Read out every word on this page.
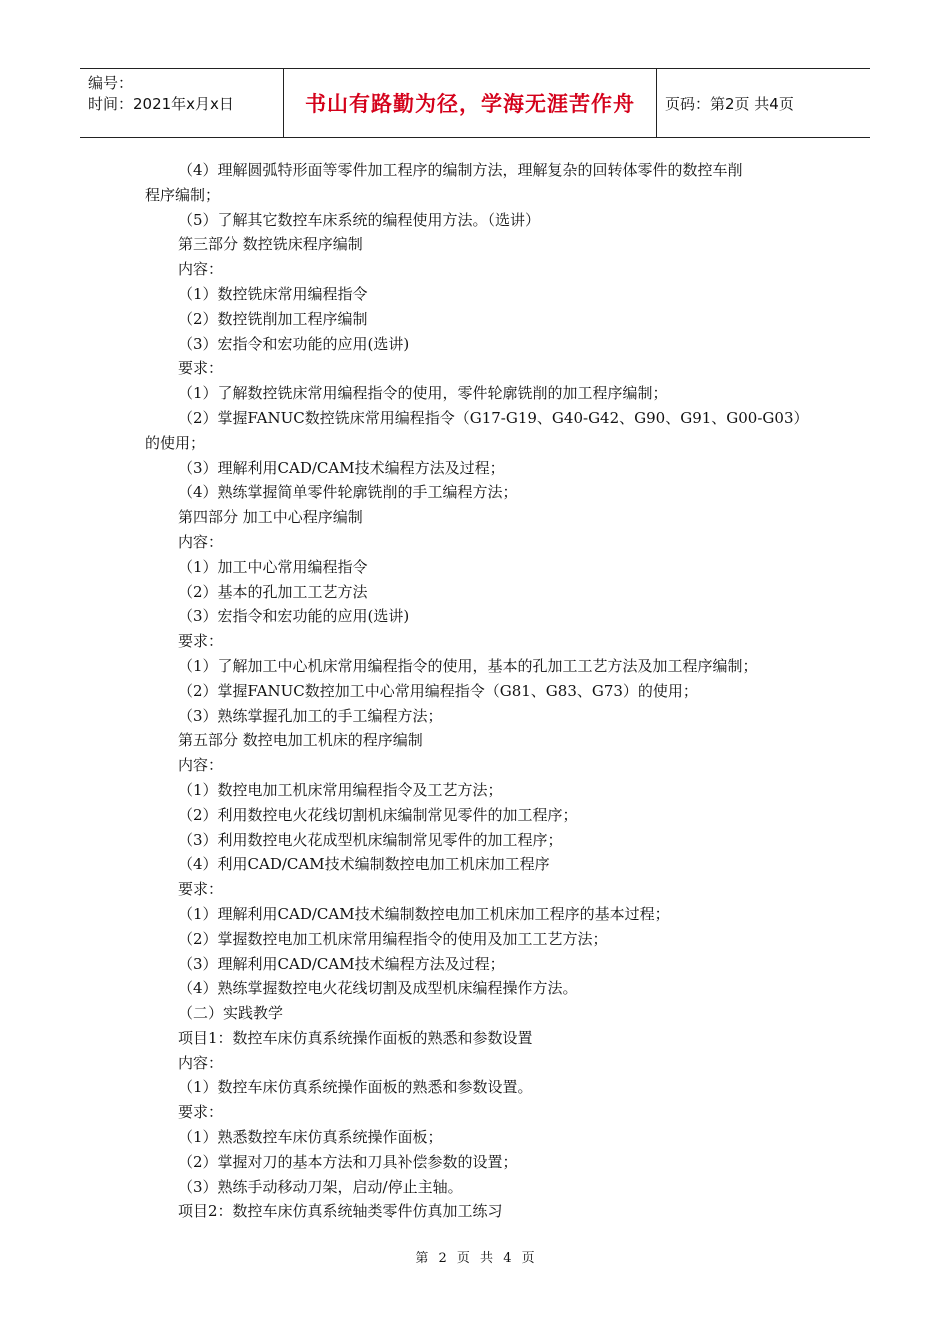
编号：
时间：2021年x月x日	书山有路勤为径，学海无涯苦作舟	页码：第2页 共4页
（4）理解圆弧特形面等零件加工程序的编制方法，理解复杂的回转体零件的数控车削
程序编制；
（5）了解其它数控车床系统的编程使用方法。（选讲）
第三部分 数控铣床程序编制
内容：
（1）数控铣床常用编程指令
（2）数控铣削加工程序编制
（3）宏指令和宏功能的应用(选讲)
要求：
（1）了解数控铣床常用编程指令的使用，零件轮廓铣削的加工程序编制；
（2）掌握FANUC数控铣床常用编程指令（G17-G19、G40-G42、G90、G91、G00-G03）
的使用；
（3）理解利用CAD/CAM技术编程方法及过程；
（4）熟练掌握简单零件轮廓铣削的手工编程方法；
第四部分 加工中心程序编制
内容：
（1）加工中心常用编程指令
（2）基本的孔加工工艺方法
（3）宏指令和宏功能的应用(选讲)
要求：
（1）了解加工中心机床常用编程指令的使用，基本的孔加工工艺方法及加工程序编制；
（2）掌握FANUC数控加工中心常用编程指令（G81、G83、G73）的使用；
（3）熟练掌握孔加工的手工编程方法；
第五部分 数控电加工机床的程序编制
内容：
（1）数控电加工机床常用编程指令及工艺方法；
（2）利用数控电火花线切割机床编制常见零件的加工程序；
（3）利用数控电火花成型机床编制常见零件的加工程序；
（4）利用CAD/CAM技术编制数控电加工机床加工程序
要求：
（1）理解利用CAD/CAM技术编制数控电加工机床加工程序的基本过程；
（2）掌握数控电加工机床常用编程指令的使用及加工工艺方法；
（3）理解利用CAD/CAM技术编程方法及过程；
（4）熟练掌握数控电火花线切割及成型机床编程操作方法。
（二）实践教学
项目1：数控车床仿真系统操作面板的熟悉和参数设置
内容：
（1）数控车床仿真系统操作面板的熟悉和参数设置。
要求：
（1）熟悉数控车床仿真系统操作面板；
（2）掌握对刀的基本方法和刀具补偿参数的设置；
（3）熟练手动移动刀架，启动/停止主轴。
项目2：数控车床仿真系统轴类零件仿真加工练习
第 2 页 共 4 页
